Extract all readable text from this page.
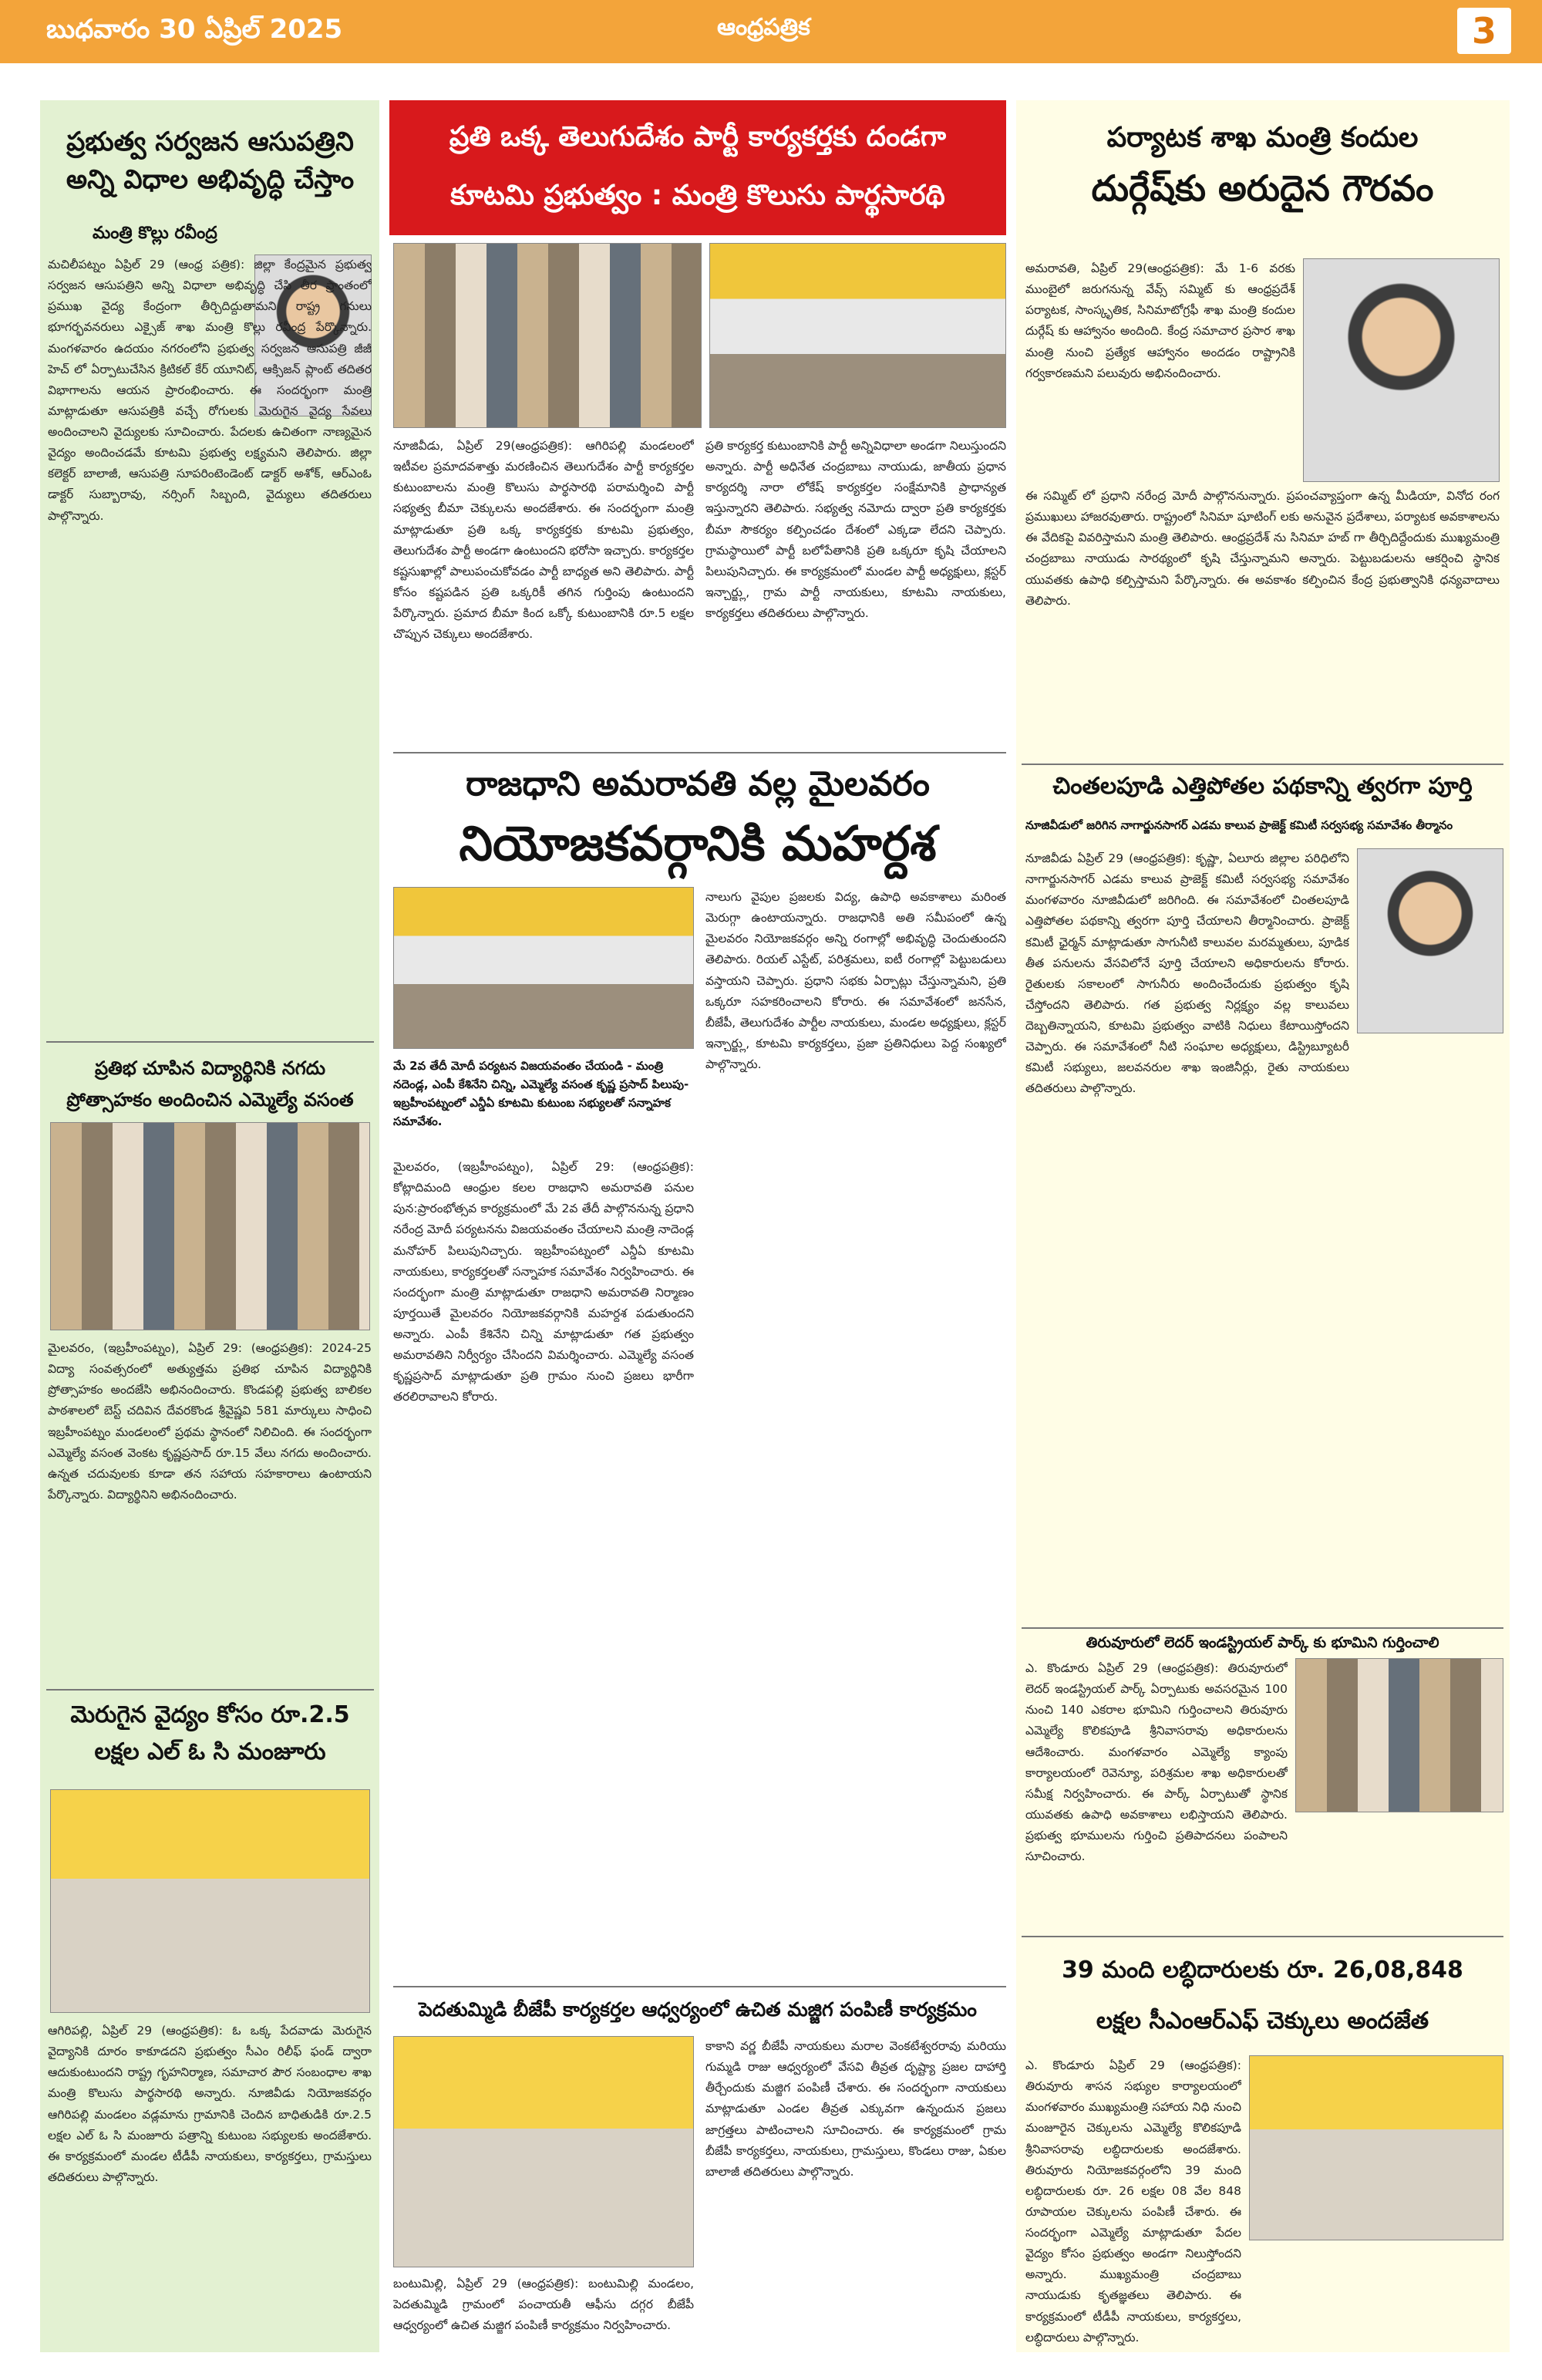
బుధవారం 30 ఏప్రిల్ 2025	ఆంధ్రపత్రిక	3
ప్రభుత్వ సర్వజన ఆసుపత్రిని
అన్ని విధాల అభివృద్ధి చేస్తాం
మంత్రి కొల్లు రవీంద్ర

మచిలీపట్నం ఏప్రిల్ 29 (ఆంధ్ర పత్రిక): జిల్లా కేంద్రమైన ప్రభుత్వ సర్వజన ఆసుపత్రిని అన్ని విధాలా అభివృద్ధి చేసి తీర ప్రాంతంలో ప్రముఖ వైద్య కేంద్రంగా తీర్చిదిద్దుతామని రాష్ట్ర గనులు భూగర్భవనరులు ఎక్సైజ్ శాఖ మంత్రి కొల్లు రవీంద్ర పేర్కొన్నారు. మంగళవారం ఉదయం నగరంలోని ప్రభుత్వ సర్వజన ఆసుపత్రి జీజీ హెచ్ లో ఏర్పాటుచేసిన క్రిటికల్ కేర్ యూనిట్, ఆక్సిజన్ ప్లాంట్ తదితర విభాగాలను ఆయన ప్రారంభించారు. ఈ సందర్భంగా మంత్రి మాట్లాడుతూ ఆసుపత్రికి వచ్చే రోగులకు మెరుగైన వైద్య సేవలు అందించాలని వైద్యులకు సూచించారు. పేదలకు ఉచితంగా నాణ్యమైన వైద్యం అందించడమే కూటమి ప్రభుత్వ లక్ష్యమని తెలిపారు. జిల్లా కలెక్టర్ బాలాజీ, ఆసుపత్రి సూపరింటెండెంట్ డాక్టర్ అశోక్, ఆర్ఎంఓ డాక్టర్ సుబ్బారావు, నర్సింగ్ సిబ్బంది, వైద్యులు తదితరులు పాల్గొన్నారు.

ప్రతిభ చూపిన విద్యార్థినికి నగదు
ప్రోత్సాహకం అందించిన ఎమ్మెల్యే వసంత

మైలవరం, (ఇబ్రహీంపట్నం), ఏప్రిల్ 29: (ఆంధ్రపత్రిక): 2024-25 విద్యా సంవత్సరంలో అత్యుత్తమ ప్రతిభ చూపిన విద్యార్థినికి ప్రోత్సాహకం అందజేసి అభినందించారు. కొండపల్లి ప్రభుత్వ బాలికల పాఠశాలలో బెస్ట్ చదివిన దేవరకొండ శ్రీవైష్ణవి 581 మార్కులు సాధించి ఇబ్రహీంపట్నం మండలంలో ప్రథమ స్థానంలో నిలిచింది. ఈ సందర్భంగా ఎమ్మెల్యే వసంత వెంకట కృష్ణప్రసాద్ రూ.15 వేలు నగదు అందించారు. ఉన్నత చదువులకు కూడా తన సహాయ సహకారాలు ఉంటాయని పేర్కొన్నారు. విద్యార్థినిని అభినందించారు.

మెరుగైన వైద్యం కోసం రూ.2.5
లక్షల ఎల్ ఓ సి మంజూరు

ఆగిరిపల్లి, ఏప్రిల్ 29 (ఆంధ్రపత్రిక): ఓ ఒక్క పేదవాడు మెరుగైన వైద్యానికి దూరం కాకూడదని ప్రభుత్వం సీఎం రిలీఫ్ ఫండ్ ద్వారా ఆదుకుంటుందని రాష్ట్ర గృహనిర్మాణ, సమాచార పౌర సంబంధాల శాఖ మంత్రి కొలుసు పార్థసారథి అన్నారు. నూజివీడు నియోజకవర్గం ఆగిరిపల్లి మండలం వడ్లమాను గ్రామానికి చెందిన బాధితుడికి రూ.2.5 లక్షల ఎల్ ఓ సి మంజూరు పత్రాన్ని కుటుంబ సభ్యులకు అందజేశారు. ఈ కార్యక్రమంలో మండల టీడీపీ నాయకులు, కార్యకర్తలు, గ్రామస్తులు తదితరులు పాల్గొన్నారు.

ప్రతి ఒక్క తెలుగుదేశం పార్టీ కార్యకర్తకు దండగా
కూటమి ప్రభుత్వం : మంత్రి కొలుసు పార్థసారథి

నూజివీడు, ఏప్రిల్ 29(ఆంధ్రపత్రిక): ఆగిరిపల్లి మండలంలో ఇటీవల ప్రమాదవశాత్తు మరణించిన తెలుగుదేశం పార్టీ కార్యకర్తల కుటుంబాలను మంత్రి కొలుసు పార్థసారథి పరామర్శించి పార్టీ సభ్యత్వ బీమా చెక్కులను అందజేశారు. ఈ సందర్భంగా మంత్రి మాట్లాడుతూ ప్రతి ఒక్క కార్యకర్తకు కూటమి ప్రభుత్వం, తెలుగుదేశం పార్టీ అండగా ఉంటుందని భరోసా ఇచ్చారు. కార్యకర్తల కష్టసుఖాల్లో పాలుపంచుకోవడం పార్టీ బాధ్యత అని తెలిపారు. పార్టీ కోసం కష్టపడిన ప్రతి ఒక్కరికీ తగిన గుర్తింపు ఉంటుందని పేర్కొన్నారు. ప్రమాద బీమా కింద ఒక్కో కుటుంబానికి రూ.5 లక్షల చొప్పున చెక్కులు అందజేశారు.

ప్రతి కార్యకర్త కుటుంబానికి పార్టీ అన్నివిధాలా అండగా నిలుస్తుందని అన్నారు. పార్టీ అధినేత చంద్రబాబు నాయుడు, జాతీయ ప్రధాన కార్యదర్శి నారా లోకేష్ కార్యకర్తల సంక్షేమానికి ప్రాధాన్యత ఇస్తున్నారని తెలిపారు. సభ్యత్వ నమోదు ద్వారా ప్రతి కార్యకర్తకు బీమా సౌకర్యం కల్పించడం దేశంలో ఎక్కడా లేదని చెప్పారు. గ్రామస్థాయిలో పార్టీ బలోపేతానికి ప్రతి ఒక్కరూ కృషి చేయాలని పిలుపునిచ్చారు. ఈ కార్యక్రమంలో మండల పార్టీ అధ్యక్షులు, క్లస్టర్ ఇన్చార్జ్లు, గ్రామ పార్టీ నాయకులు, కూటమి నాయకులు, కార్యకర్తలు తదితరులు పాల్గొన్నారు.

రాజధాని అమరావతి వల్ల మైలవరం
నియోజకవర్గానికి మహర్దశ
మే 2వ తేదీ మోదీ పర్యటన విజయవంతం చేయండి - మంత్రి నదెండ్ల, ఎంపీ కేశినేని చిన్ని, ఎమ్మెల్యే వసంత కృష్ణ ప్రసాద్ పిలుపు-ఇబ్రహీంపట్నంలో ఎన్డీఏ కూటమి కుటుంబ సభ్యులతో సన్నాహక సమావేశం.

మైలవరం, (ఇబ్రహీంపట్నం), ఏప్రిల్ 29: (ఆంధ్రపత్రిక): కోట్లాదిమంది ఆంధ్రుల కలల రాజధాని అమరావతి పనుల పున:ప్రారంభోత్సవ కార్యక్రమంలో మే 2వ తేదీ పాల్గొననున్న ప్రధాని నరేంద్ర మోదీ పర్యటనను విజయవంతం చేయాలని మంత్రి నాదెండ్ల మనోహర్ పిలుపునిచ్చారు. ఇబ్రహీంపట్నంలో ఎన్డీఏ కూటమి నాయకులు, కార్యకర్తలతో సన్నాహక సమావేశం నిర్వహించారు. ఈ సందర్భంగా మంత్రి మాట్లాడుతూ రాజధాని అమరావతి నిర్మాణం పూర్తయితే మైలవరం నియోజకవర్గానికి మహర్దశ పడుతుందని అన్నారు. ఎంపీ కేశినేని చిన్ని మాట్లాడుతూ గత ప్రభుత్వం అమరావతిని నిర్వీర్యం చేసిందని విమర్శించారు. ఎమ్మెల్యే వసంత కృష్ణప్రసాద్ మాట్లాడుతూ ప్రతి గ్రామం నుంచి ప్రజలు భారీగా తరలిరావాలని కోరారు.

నాలుగు వైపుల ప్రజలకు విద్య, ఉపాధి అవకాశాలు మరింత మెరుగ్గా ఉంటాయన్నారు. రాజధానికి అతి సమీపంలో ఉన్న మైలవరం నియోజకవర్గం అన్ని రంగాల్లో అభివృద్ధి చెందుతుందని తెలిపారు. రియల్ ఎస్టేట్, పరిశ్రమలు, ఐటీ రంగాల్లో పెట్టుబడులు వస్తాయని చెప్పారు. ప్రధాని సభకు ఏర్పాట్లు చేస్తున్నామని, ప్రతి ఒక్కరూ సహకరించాలని కోరారు. ఈ సమావేశంలో జనసేన, బీజేపీ, తెలుగుదేశం పార్టీల నాయకులు, మండల అధ్యక్షులు, క్లస్టర్ ఇన్చార్జ్లు, కూటమి కార్యకర్తలు, ప్రజా ప్రతినిధులు పెద్ద సంఖ్యలో పాల్గొన్నారు.

పెదతుమ్మిడి బీజేపీ కార్యకర్తల ఆధ్వర్యంలో ఉచిత మజ్జిగ పంపిణీ కార్యక్రమం

బంటుమిల్లి, ఏప్రిల్ 29 (ఆంధ్రపత్రిక): బంటుమిల్లి మండలం, పెదతుమ్మిడి గ్రామంలో పంచాయతీ ఆఫీసు దగ్గర బీజేపీ ఆధ్వర్యంలో ఉచిత మజ్జిగ పంపిణీ కార్యక్రమం నిర్వహించారు.

కాకాని వర్ణ బీజేపీ నాయకులు మరాల వెంకటేశ్వరరావు మరియు గుమ్మడి రాజు ఆధ్వర్యంలో వేసవి తీవ్రత దృష్ట్యా ప్రజల దాహార్తి తీర్చేందుకు మజ్జిగ పంపిణీ చేశారు. ఈ సందర్భంగా నాయకులు మాట్లాడుతూ ఎండల తీవ్రత ఎక్కువగా ఉన్నందున ప్రజలు జాగ్రత్తలు పాటించాలని సూచించారు. ఈ కార్యక్రమంలో గ్రామ బీజేపీ కార్యకర్తలు, నాయకులు, గ్రామస్తులు, కొండలు రాజు, ఏకుల బాలాజీ తదితరులు పాల్గొన్నారు.

పర్యాటక శాఖ మంత్రి కందుల
దుర్గేష్‌కు అరుదైన గౌరవం

అమరావతి, ఏప్రిల్ 29(ఆంధ్రపత్రిక): మే 1-6 వరకు ముంబైలో జరుగనున్న వేవ్స్ సమ్మిట్ కు ఆంధ్రప్రదేశ్ పర్యాటక, సాంస్కృతిక, సినిమాటోగ్రఫీ శాఖ మంత్రి కందుల దుర్గేష్ కు ఆహ్వానం అందింది. కేంద్ర సమాచార ప్రసార శాఖ మంత్రి నుంచి ప్రత్యేక ఆహ్వానం అందడం రాష్ట్రానికి గర్వకారణమని పలువురు అభినందించారు.

ఈ సమ్మిట్ లో ప్రధాని నరేంద్ర మోదీ పాల్గొననున్నారు. ప్రపంచవ్యాప్తంగా ఉన్న మీడియా, వినోద రంగ ప్రముఖులు హాజరవుతారు. రాష్ట్రంలో సినిమా షూటింగ్ లకు అనువైన ప్రదేశాలు, పర్యాటక అవకాశాలను ఈ వేదికపై వివరిస్తామని మంత్రి తెలిపారు. ఆంధ్రప్రదేశ్ ను సినిమా హబ్ గా తీర్చిదిద్దేందుకు ముఖ్యమంత్రి చంద్రబాబు నాయుడు సారథ్యంలో కృషి చేస్తున్నామని అన్నారు. పెట్టుబడులను ఆకర్షించి స్థానిక యువతకు ఉపాధి కల్పిస్తామని పేర్కొన్నారు. ఈ అవకాశం కల్పించిన కేంద్ర ప్రభుత్వానికి ధన్యవాదాలు తెలిపారు.

చింతలపూడి ఎత్తిపోతల పథకాన్ని త్వరగా పూర్తి
నూజివీడులో జరిగిన నాగార్జునసాగర్ ఎడమ కాలువ ప్రాజెక్ట్ కమిటీ సర్వసభ్య సమావేశం తీర్మానం

నూజివీడు ఏప్రిల్ 29 (ఆంధ్రపత్రిక): కృష్ణా, ఏలూరు జిల్లాల పరిధిలోని నాగార్జునసాగర్ ఎడమ కాలువ ప్రాజెక్ట్ కమిటీ సర్వసభ్య సమావేశం మంగళవారం నూజివీడులో జరిగింది. ఈ సమావేశంలో చింతలపూడి ఎత్తిపోతల పథకాన్ని త్వరగా పూర్తి చేయాలని తీర్మానించారు. ప్రాజెక్ట్ కమిటీ ఛైర్మన్ మాట్లాడుతూ సాగునీటి కాలువల మరమ్మతులు, పూడిక తీత పనులను వేసవిలోనే పూర్తి చేయాలని అధికారులను కోరారు. రైతులకు సకాలంలో సాగునీరు అందించేందుకు ప్రభుత్వం కృషి చేస్తోందని తెలిపారు. గత ప్రభుత్వ నిర్లక్ష్యం వల్ల కాలువలు దెబ్బతిన్నాయని, కూటమి ప్రభుత్వం వాటికి నిధులు కేటాయిస్తోందని చెప్పారు. ఈ సమావేశంలో నీటి సంఘాల అధ్యక్షులు, డిస్ట్రిబ్యూటరీ కమిటీ సభ్యులు, జలవనరుల శాఖ ఇంజినీర్లు, రైతు నాయకులు తదితరులు పాల్గొన్నారు.

తిరువూరులో లెదర్ ఇండస్ట్రియల్ పార్క్ కు భూమిని గుర్తించాలి

ఎ. కొండూరు ఏప్రిల్ 29 (ఆంధ్రపత్రిక): తిరువూరులో లెదర్ ఇండస్ట్రియల్ పార్క్ ఏర్పాటుకు అవసరమైన 100 నుంచి 140 ఎకరాల భూమిని గుర్తించాలని తిరువూరు ఎమ్మెల్యే కొలికపూడి శ్రీనివాసరావు అధికారులను ఆదేశించారు. మంగళవారం ఎమ్మెల్యే క్యాంపు కార్యాలయంలో రెవెన్యూ, పరిశ్రమల శాఖ అధికారులతో సమీక్ష నిర్వహించారు. ఈ పార్క్ ఏర్పాటుతో స్థానిక యువతకు ఉపాధి అవకాశాలు లభిస్తాయని తెలిపారు. ప్రభుత్వ భూములను గుర్తించి ప్రతిపాదనలు పంపాలని సూచించారు.

39 మంది లబ్ధిదారులకు రూ. 26,08,848
లక్షల సీఎంఆర్ఎఫ్ చెక్కులు అందజేత

ఎ. కొండూరు ఏప్రిల్ 29 (ఆంధ్రపత్రిక): తిరువూరు శాసన సభ్యుల కార్యాలయంలో మంగళవారం ముఖ్యమంత్రి సహాయ నిధి నుంచి మంజూరైన చెక్కులను ఎమ్మెల్యే కొలికపూడి శ్రీనివాసరావు లబ్ధిదారులకు అందజేశారు. తిరువూరు నియోజకవర్గంలోని 39 మంది లబ్ధిదారులకు రూ. 26 లక్షల 08 వేల 848 రూపాయల చెక్కులను పంపిణీ చేశారు. ఈ సందర్భంగా ఎమ్మెల్యే మాట్లాడుతూ పేదల వైద్యం కోసం ప్రభుత్వం అండగా నిలుస్తోందని అన్నారు. ముఖ్యమంత్రి చంద్రబాబు నాయుడుకు కృతజ్ఞతలు తెలిపారు. ఈ కార్యక్రమంలో టీడీపీ నాయకులు, కార్యకర్తలు, లబ్ధిదారులు పాల్గొన్నారు.
